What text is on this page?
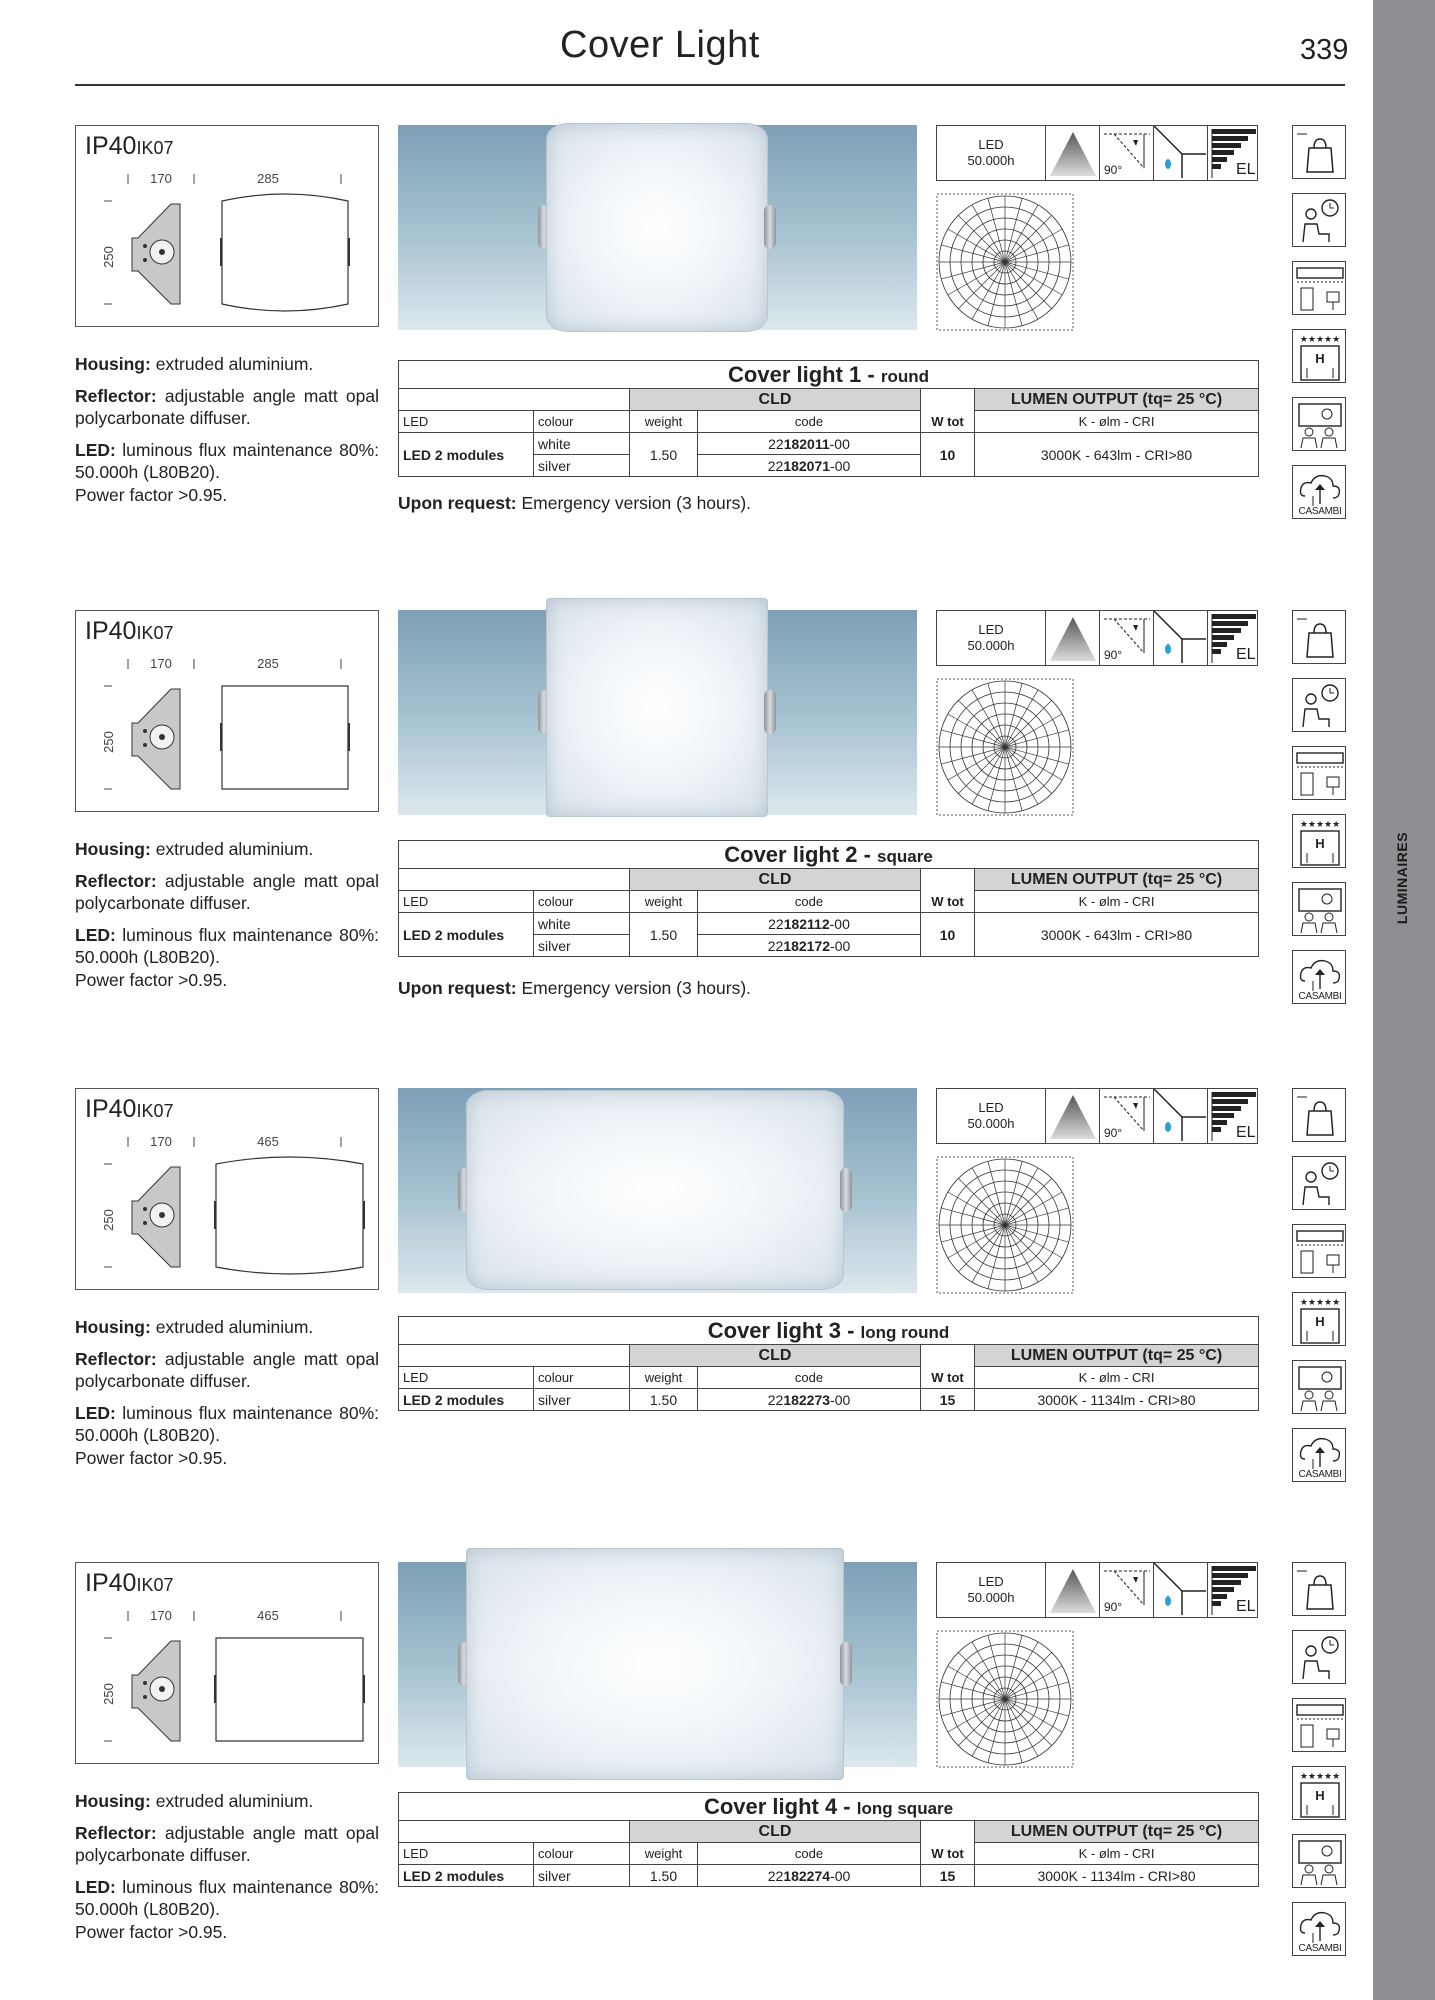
Cover Light	339
LUMINAIRES
IP40IK07
170	285
250

Housing: extruded aluminium.

Reflector: adjustable angle matt opal polycarbonate diffuser.

LED: luminous flux maintenance 80%: 50.000h (L80B20).

Power factor >0.95.

LED
50.000h
90°	EL
★★★★★
H
CASAMBI
Cover light 1 - round					
		CLD			LUMEN OUTPUT (tq= 25 °C)
LED	colour	weight	code	W tot	K - ølm - CRI
LED 2 modules	white	1.50	22182011-00	10	3000K - 643lm - CRI>80
	silver		22182071-00		
Upon request: Emergency version (3 hours).
IP40IK07
170	285
250

Housing: extruded aluminium.

Reflector: adjustable angle matt opal polycarbonate diffuser.

LED: luminous flux maintenance 80%: 50.000h (L80B20).

Power factor >0.95.

LED
50.000h
90°	EL
★★★★★
H
CASAMBI
Cover light 2 - square					
		CLD			LUMEN OUTPUT (tq= 25 °C)
LED	colour	weight	code	W tot	K - ølm - CRI
LED 2 modules	white	1.50	22182112-00	10	3000K - 643lm - CRI>80
	silver		22182172-00		
Upon request: Emergency version (3 hours).
IP40IK07
170	465
250

Housing: extruded aluminium.

Reflector: adjustable angle matt opal polycarbonate diffuser.

LED: luminous flux maintenance 80%: 50.000h (L80B20).

Power factor >0.95.

LED
50.000h
90°	EL
★★★★★
H
CASAMBI
Cover light 3 - long round					
		CLD			LUMEN OUTPUT (tq= 25 °C)
LED	colour	weight	code	W tot	K - ølm - CRI
LED 2 modules	silver	1.50	22182273-00	15	3000K - 1134lm - CRI>80
IP40IK07
170	465
250

Housing: extruded aluminium.

Reflector: adjustable angle matt opal polycarbonate diffuser.

LED: luminous flux maintenance 80%: 50.000h (L80B20).

Power factor >0.95.

LED
50.000h
90°	EL
★★★★★
H
CASAMBI
Cover light 4 - long square					
		CLD			LUMEN OUTPUT (tq= 25 °C)
LED	colour	weight	code	W tot	K - ølm - CRI
LED 2 modules	silver	1.50	22182274-00	15	3000K - 1134lm - CRI>80
